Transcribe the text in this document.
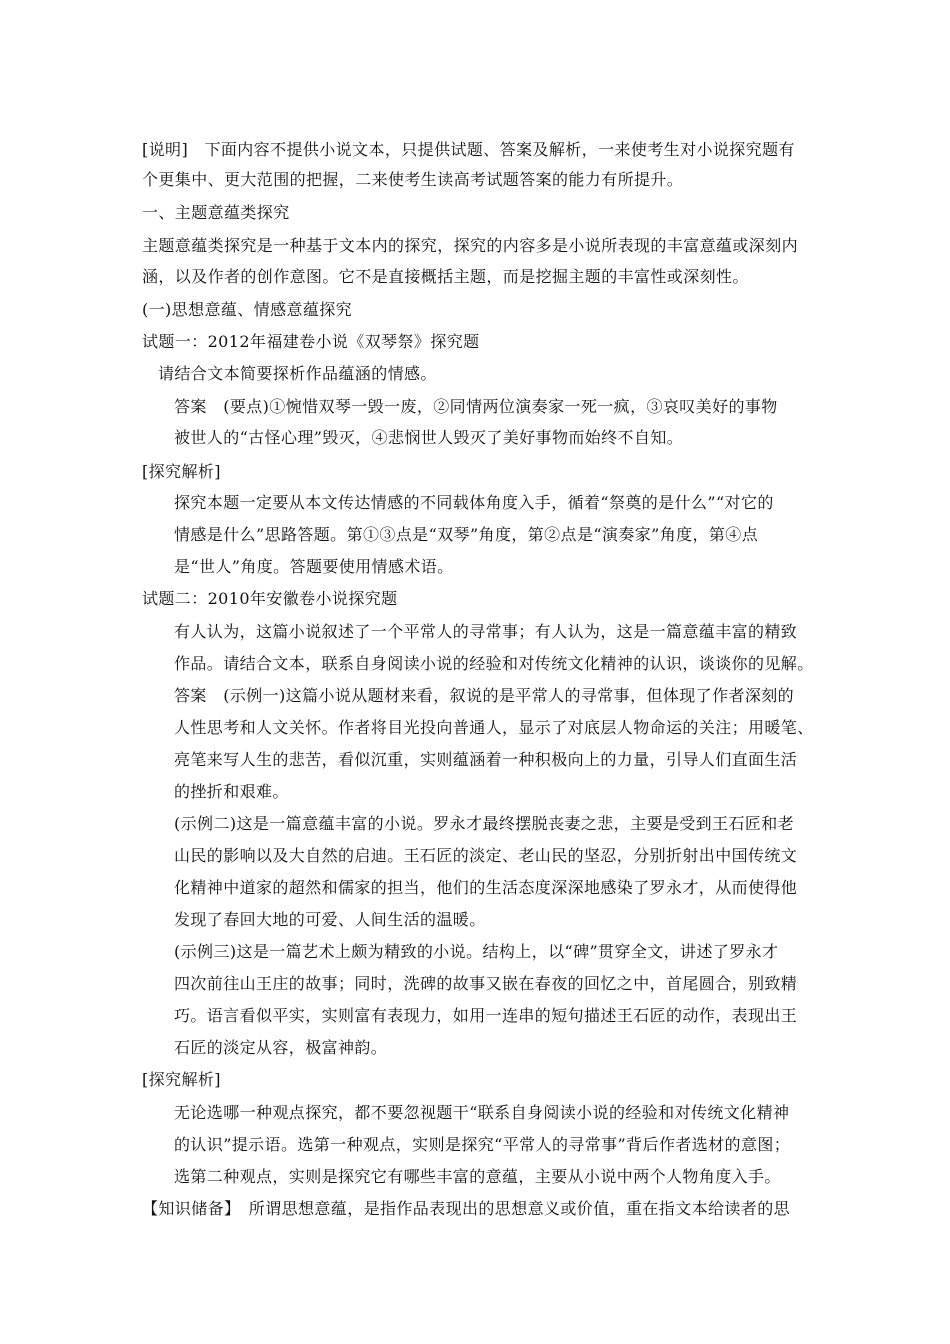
[说明]　下面内容不提供小说文本，只提供试题、答案及解析，一来使考生对小说探究题有
个更集中、更大范围的把握，二来使考生读高考试题答案的能力有所提升。
一、主题意蕴类探究
主题意蕴类探究是一种基于文本内的探究，探究的内容多是小说所表现的丰富意蕴或深刻内
涵，以及作者的创作意图。它不是直接概括主题，而是挖掘主题的丰富性或深刻性。
(一)思想意蕴、情感意蕴探究
试题一：2012年福建卷小说《双琴祭》探究题
请结合文本简要探析作品蕴涵的情感。
答案　(要点)①惋惜双琴一毁一废，②同情两位演奏家一死一疯，③哀叹美好的事物
被世人的“古怪心理”毁灭，④悲悯世人毁灭了美好事物而始终不自知。
[探究解析]
探究本题一定要从本文传达情感的不同载体角度入手，循着“祭奠的是什么”“对它的
情感是什么”思路答题。第①③点是“双琴”角度，第②点是“演奏家”角度，第④点
是“世人”角度。答题要使用情感术语。
试题二：2010年安徽卷小说探究题
有人认为，这篇小说叙述了一个平常人的寻常事；有人认为，这是一篇意蕴丰富的精致
作品。请结合文本，联系自身阅读小说的经验和对传统文化精神的认识，谈谈你的见解。
答案　(示例一)这篇小说从题材来看，叙说的是平常人的寻常事，但体现了作者深刻的
人性思考和人文关怀。作者将目光投向普通人，显示了对底层人物命运的关注；用暖笔、
亮笔来写人生的悲苦，看似沉重，实则蕴涵着一种积极向上的力量，引导人们直面生活
的挫折和艰难。
(示例二)这是一篇意蕴丰富的小说。罗永才最终摆脱丧妻之悲，主要是受到王石匠和老
山民的影响以及大自然的启迪。王石匠的淡定、老山民的坚忍，分别折射出中国传统文
化精神中道家的超然和儒家的担当，他们的生活态度深深地感染了罗永才，从而使得他
发现了春回大地的可爱、人间生活的温暖。
(示例三)这是一篇艺术上颇为精致的小说。结构上，以“碑”贯穿全文，讲述了罗永才
四次前往山王庄的故事；同时，洗碑的故事又嵌在春夜的回忆之中，首尾圆合，别致精
巧。语言看似平实，实则富有表现力，如用一连串的短句描述王石匠的动作，表现出王
石匠的淡定从容，极富神韵。
[探究解析]
无论选哪一种观点探究，都不要忽视题干“联系自身阅读小说的经验和对传统文化精神
的认识”提示语。选第一种观点，实则是探究“平常人的寻常事”背后作者选材的意图；
选第二种观点，实则是探究它有哪些丰富的意蕴，主要从小说中两个人物角度入手。
【知识储备】　所谓思想意蕴，是指作品表现出的思想意义或价值，重在指文本给读者的思
